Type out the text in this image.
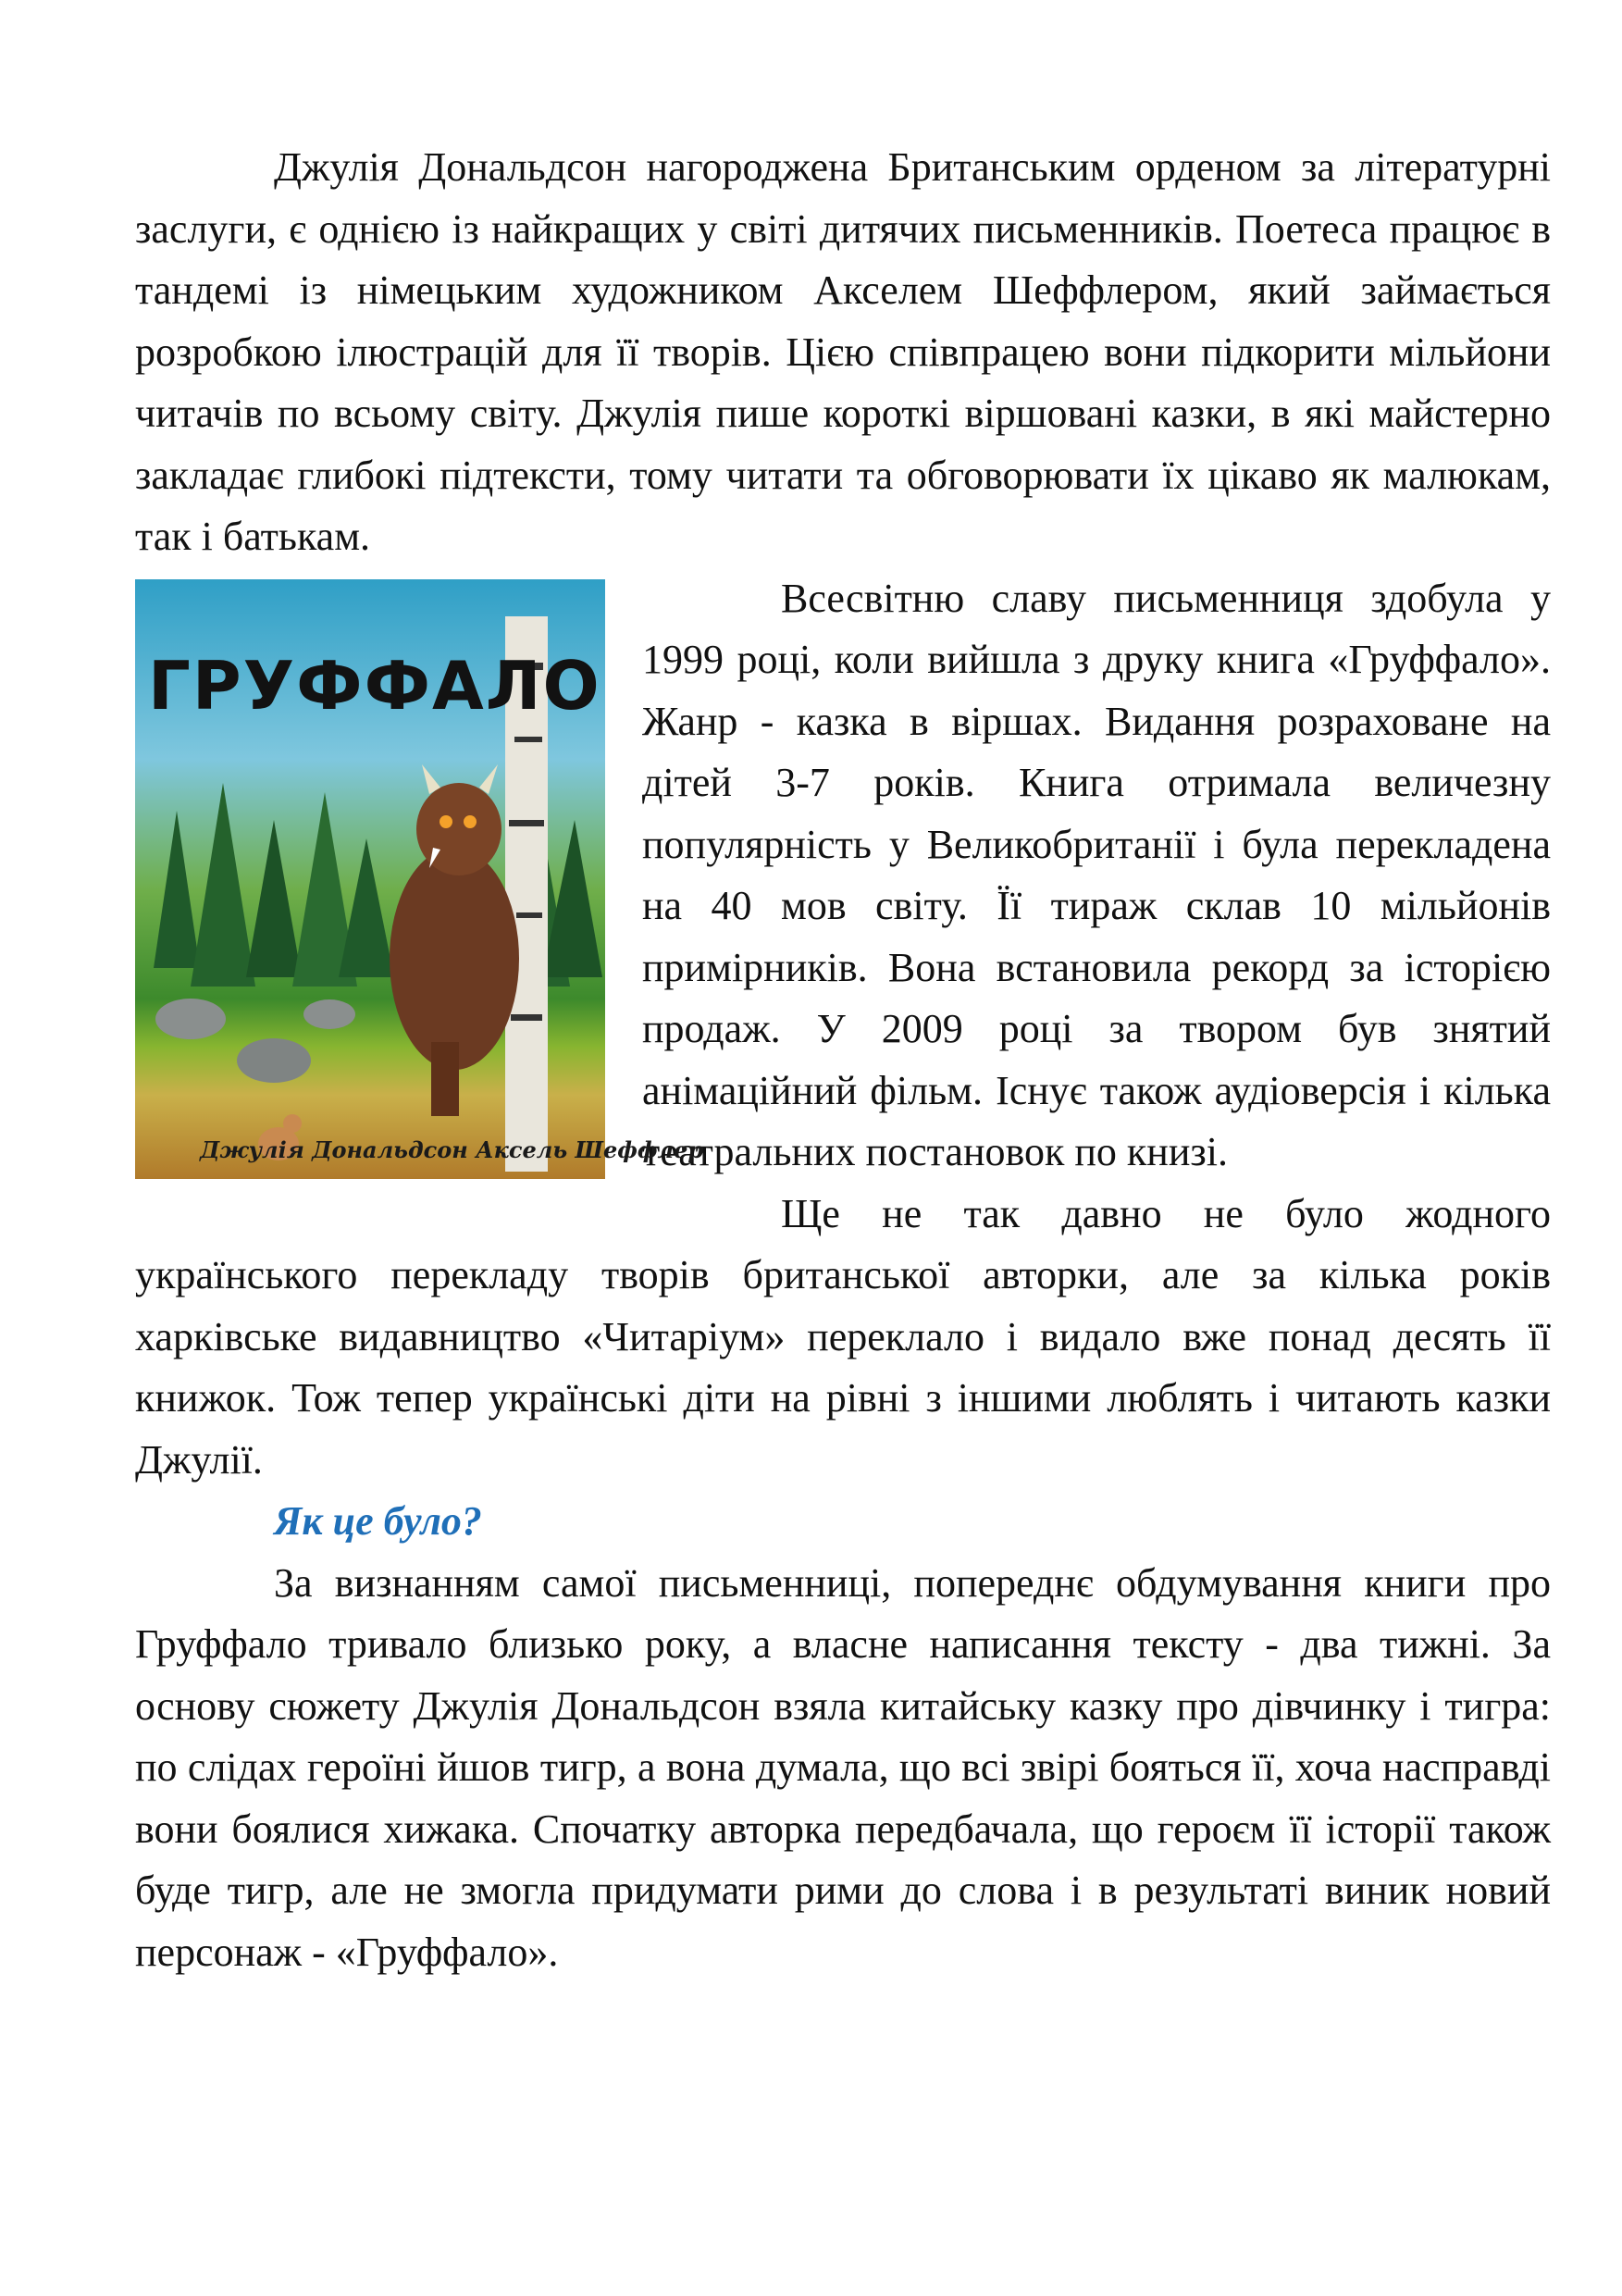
Джулія Дональдсон нагороджена Британським орденом за літературні заслуги, є однією із найкращих у світі дитячих письменників. Поетеса працює в тандемі із німецьким художником Акселем Шеффлером, який займається розробкою ілюстрацій для її творів. Цією співпрацею вони підкорити мільйони читачів по всьому світу. Джулія пише короткі віршовані казки, в які майстерно закладає глибокі підтексти, тому читати та обговорювати їх цікаво як малюкам, так і батькам.

ГРУФФАЛО
Джулія Дональдсон Аксель Шеффлер

Всесвітню славу письменниця здобула у 1999 році, коли вийшла з друку книга «Груффало». Жанр - казка в віршах. Видання розраховане на дітей 3-7 років. Книга отримала величезну популярність у Великобританії і була перекладена на 40 мов світу. Її тираж склав 10 мільйонів примірників. Вона встановила рекорд за історією продаж. У 2009 році за твором був знятий анімаційний фільм. Існує також аудіоверсія і кілька театральних постановок по книзі.

Ще не так давно не було жодного українського перекладу творів британської авторки, але за кілька років харківське видавництво «Читаріум» переклало і видало вже понад десять її книжок. Тож тепер українські діти на рівні з іншими люблять і читають казки Джулії.

Як це було?

За визнанням самої письменниці, попереднє обдумування книги про Груффало тривало близько року, а власне написання тексту - два тижні. За основу сюжету Джулія Дональдсон взяла китайську казку про дівчинку і тигра: по слідах героїні йшов тигр, а вона думала, що всі звірі бояться її, хоча насправді вони боялися хижака. Спочатку авторка передбачала, що героєм її історії також буде тигр, але не змогла придумати рими до слова і в результаті виник новий персонаж - «Груффало».
